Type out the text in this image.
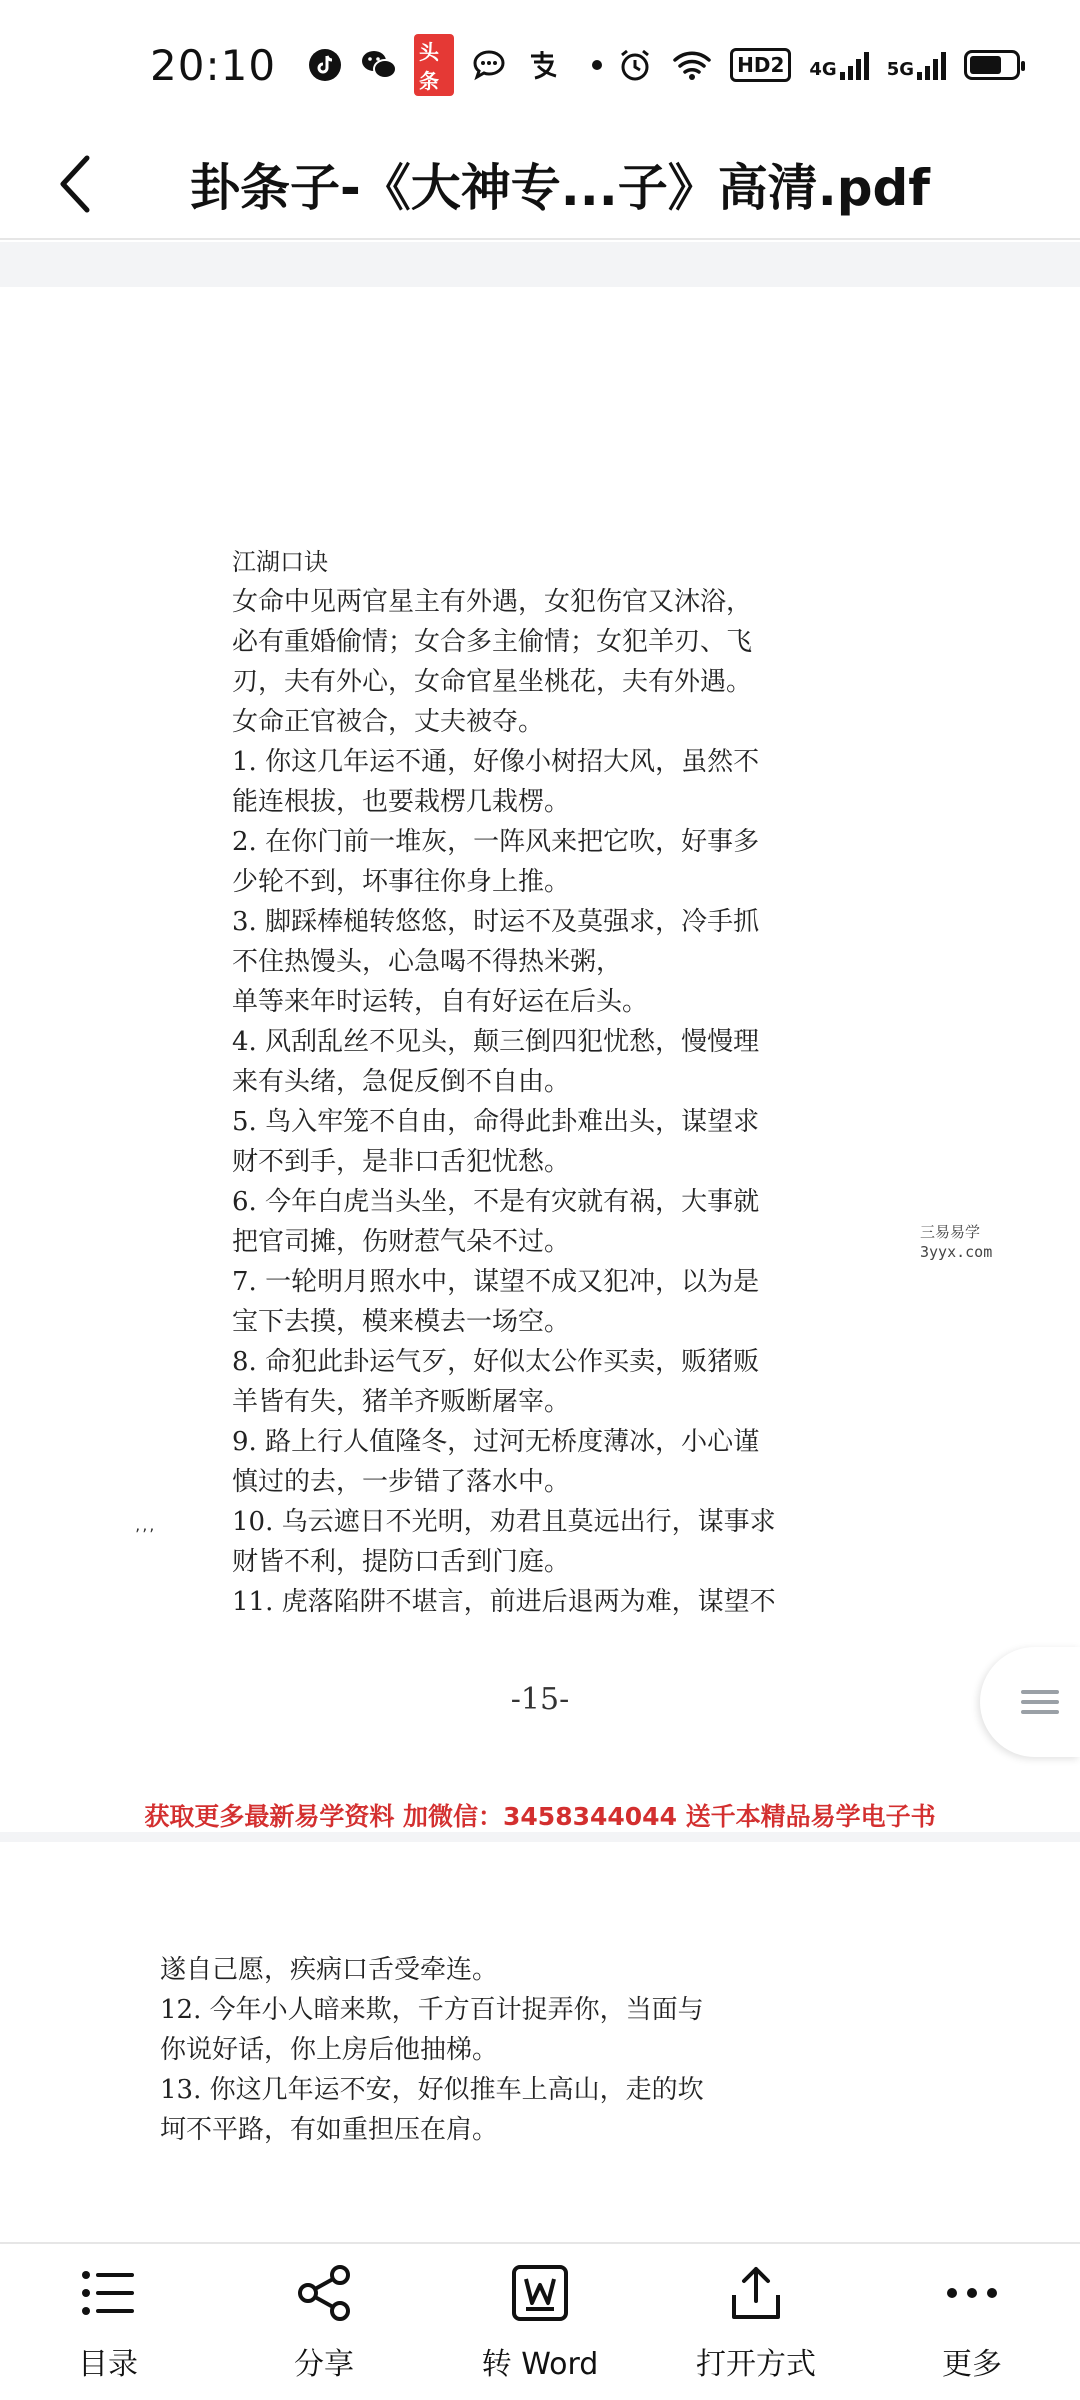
20:10	头条
HD2	4G	5G
卦条子-《大神专...子》高清.pdf
江湖口诀
女命中见两官星主有外遇，女犯伤官又沐浴，
必有重婚偷情；女合多主偷情；女犯羊刃、飞
刃，夫有外心，女命官星坐桃花，夫有外遇。
女命正官被合，丈夫被夺。
1. 你这几年运不通，好像小树招大风，虽然不
能连根拔，也要栽楞几栽楞。
2. 在你门前一堆灰，一阵风来把它吹，好事多
少轮不到，坏事往你身上推。
3. 脚踩棒槌转悠悠，时运不及莫强求，冷手抓
不住热馒头，心急喝不得热米粥，
单等来年时运转，自有好运在后头。
4. 风刮乱丝不见头，颠三倒四犯忧愁，慢慢理
来有头绪，急促反倒不自由。
5. 鸟入牢笼不自由，命得此卦难出头，谋望求
财不到手，是非口舌犯忧愁。
6. 今年白虎当头坐，不是有灾就有祸，大事就
把官司摊，伤财惹气朵不过。
7. 一轮明月照水中，谋望不成又犯冲，以为是
宝下去摸，模来模去一场空。
8. 命犯此卦运气歹，好似太公作买卖，贩猪贩
羊皆有失，猪羊齐贩断屠宰。
9. 路上行人值隆冬，过河无桥度薄冰，小心谨
慎过的去，一步错了落水中。
10. 乌云遮日不光明，劝君且莫远出行，谋事求
财皆不利，提防口舌到门庭。
11. 虎落陷阱不堪言，前进后退两为难，谋望不
三易易学
3yyx.com
’’’
-15-
获取更多最新易学资料 加微信：3458344044 送千本精品易学电子书
遂自己愿，疾病口舌受牵连。
12. 今年小人暗来欺，千方百计捉弄你，当面与
你说好话，你上房后他抽梯。
13. 你这几年运不安，好似推车上高山，走的坎
坷不平路，有如重担压在肩。
目录	分享	转 Word	打开方式	更多
